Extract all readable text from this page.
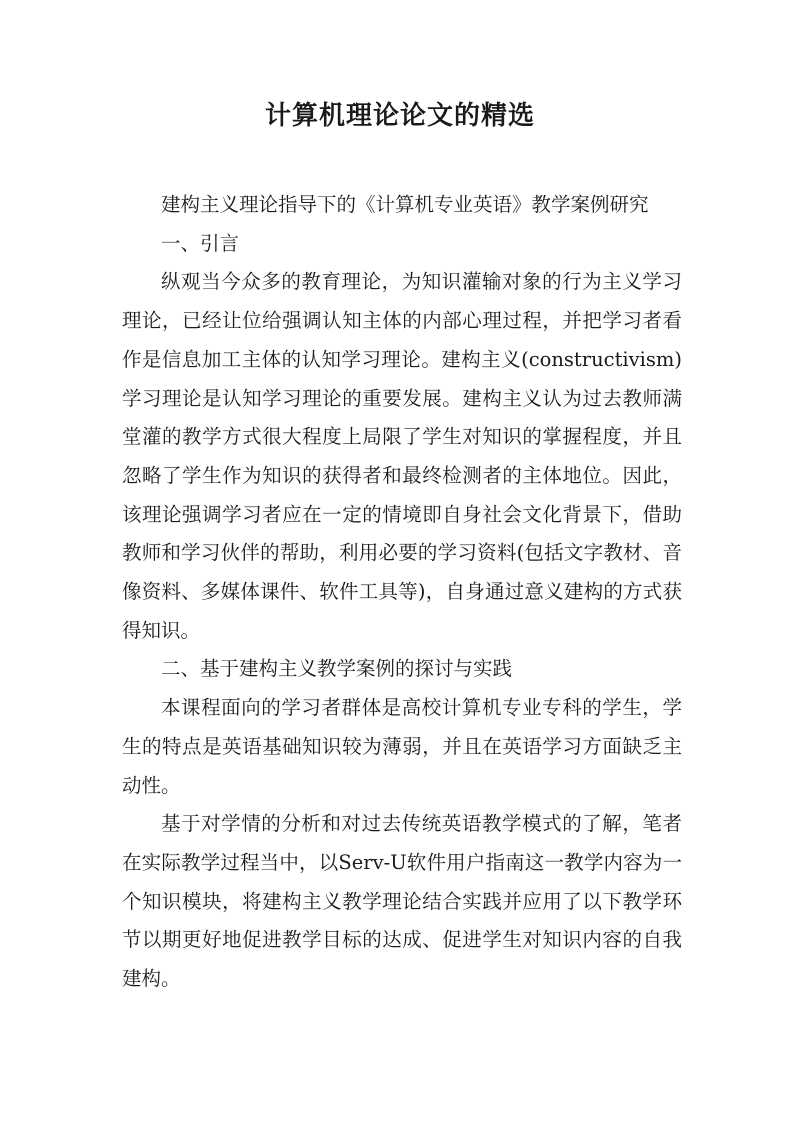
计算机理论论文的精选

建构主义理论指导下的《计算机专业英语》教学案例研究

一、引言

纵观当今众多的教育理论，为知识灌输对象的行为主义学习理论，已经让位给强调认知主体的内部心理过程，并把学习者看作是信息加工主体的认知学习理论。建构主义(constructivism)学习理论是认知学习理论的重要发展。建构主义认为过去教师满堂灌的教学方式很大程度上局限了学生对知识的掌握程度，并且忽略了学生作为知识的获得者和最终检测者的主体地位。因此，该理论强调学习者应在一定的情境即自身社会文化背景下，借助教师和学习伙伴的帮助，利用必要的学习资料(包括文字教材、音像资料、多媒体课件、软件工具等)，自身通过意义建构的方式获得知识。

二、基于建构主义教学案例的探讨与实践

本课程面向的学习者群体是高校计算机专业专科的学生，学生的特点是英语基础知识较为薄弱，并且在英语学习方面缺乏主动性。

基于对学情的分析和对过去传统英语教学模式的了解，笔者在实际教学过程当中，以Serv-U软件用户指南这一教学内容为一个知识模块，将建构主义教学理论结合实践并应用了以下教学环节以期更好地促进教学目标的达成、促进学生对知识内容的自我建构。
